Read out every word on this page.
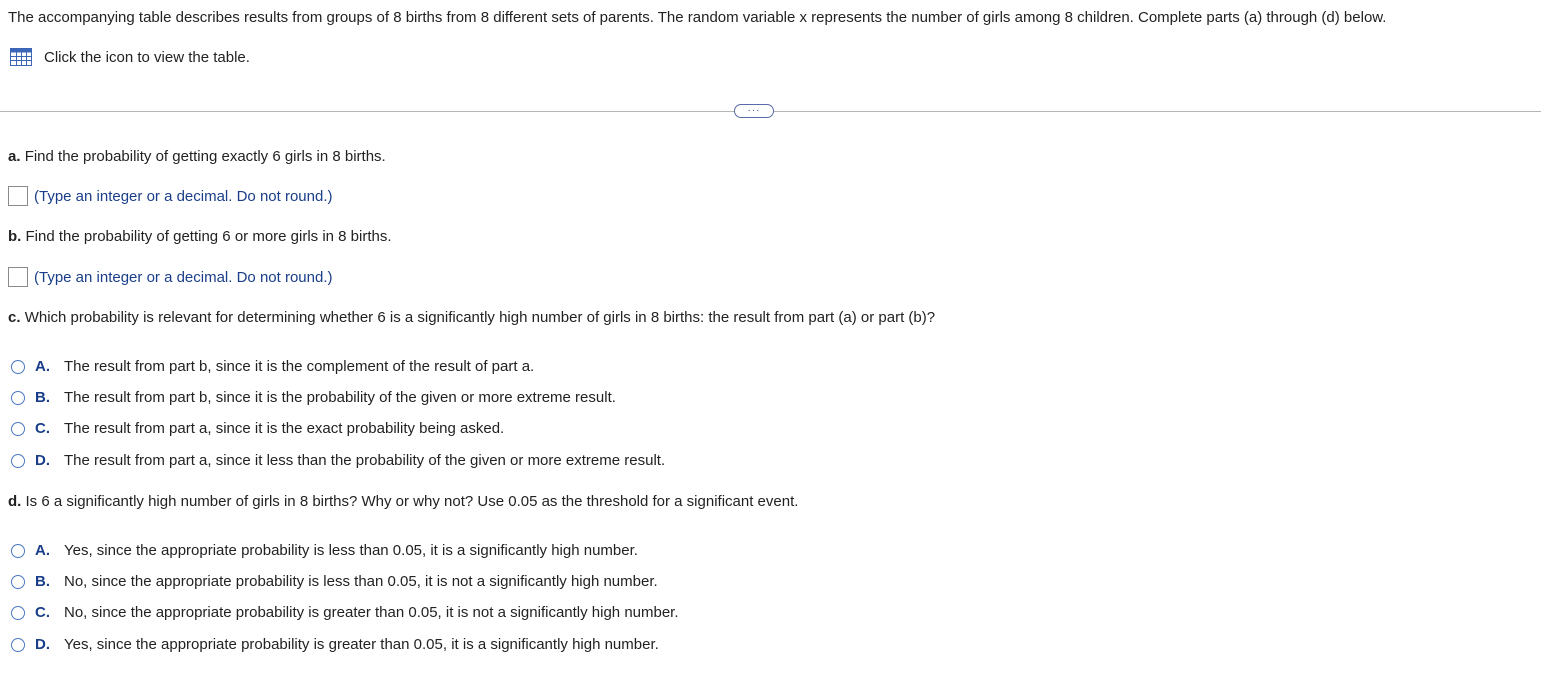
The accompanying table describes results from groups of 8 births from 8 different sets of parents. The random variable x represents the number of girls among 8 children. Complete parts (a) through (d) below.
Click the icon to view the table.
···
a. Find the probability of getting exactly 6 girls in 8 births.
(Type an integer or a decimal. Do not round.)
b. Find the probability of getting 6 or more girls in 8 births.
(Type an integer or a decimal. Do not round.)
c. Which probability is relevant for determining whether 6 is a significantly high number of girls in 8 births: the result from part (a) or part (b)?
A. The result from part b, since it is the complement of the result of part a.
B. The result from part b, since it is the probability of the given or more extreme result.
C. The result from part a, since it is the exact probability being asked.
D. The result from part a, since it less than the probability of the given or more extreme result.
d. Is 6 a significantly high number of girls in 8 births? Why or why not? Use 0.05 as the threshold for a significant event.
A. Yes, since the appropriate probability is less than 0.05, it is a significantly high number.
B. No, since the appropriate probability is less than 0.05, it is not a significantly high number.
C. No, since the appropriate probability is greater than 0.05, it is not a significantly high number.
D. Yes, since the appropriate probability is greater than 0.05, it is a significantly high number.
